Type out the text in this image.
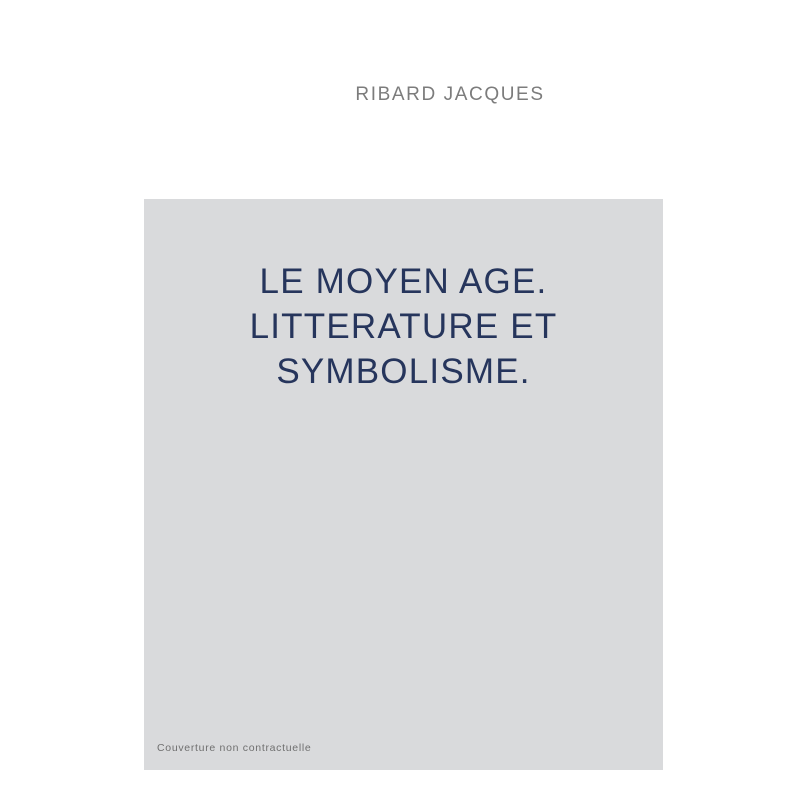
RIBARD JACQUES
LE MOYEN AGE.
LITTERATURE ET
SYMBOLISME.
Couverture non contractuelle
